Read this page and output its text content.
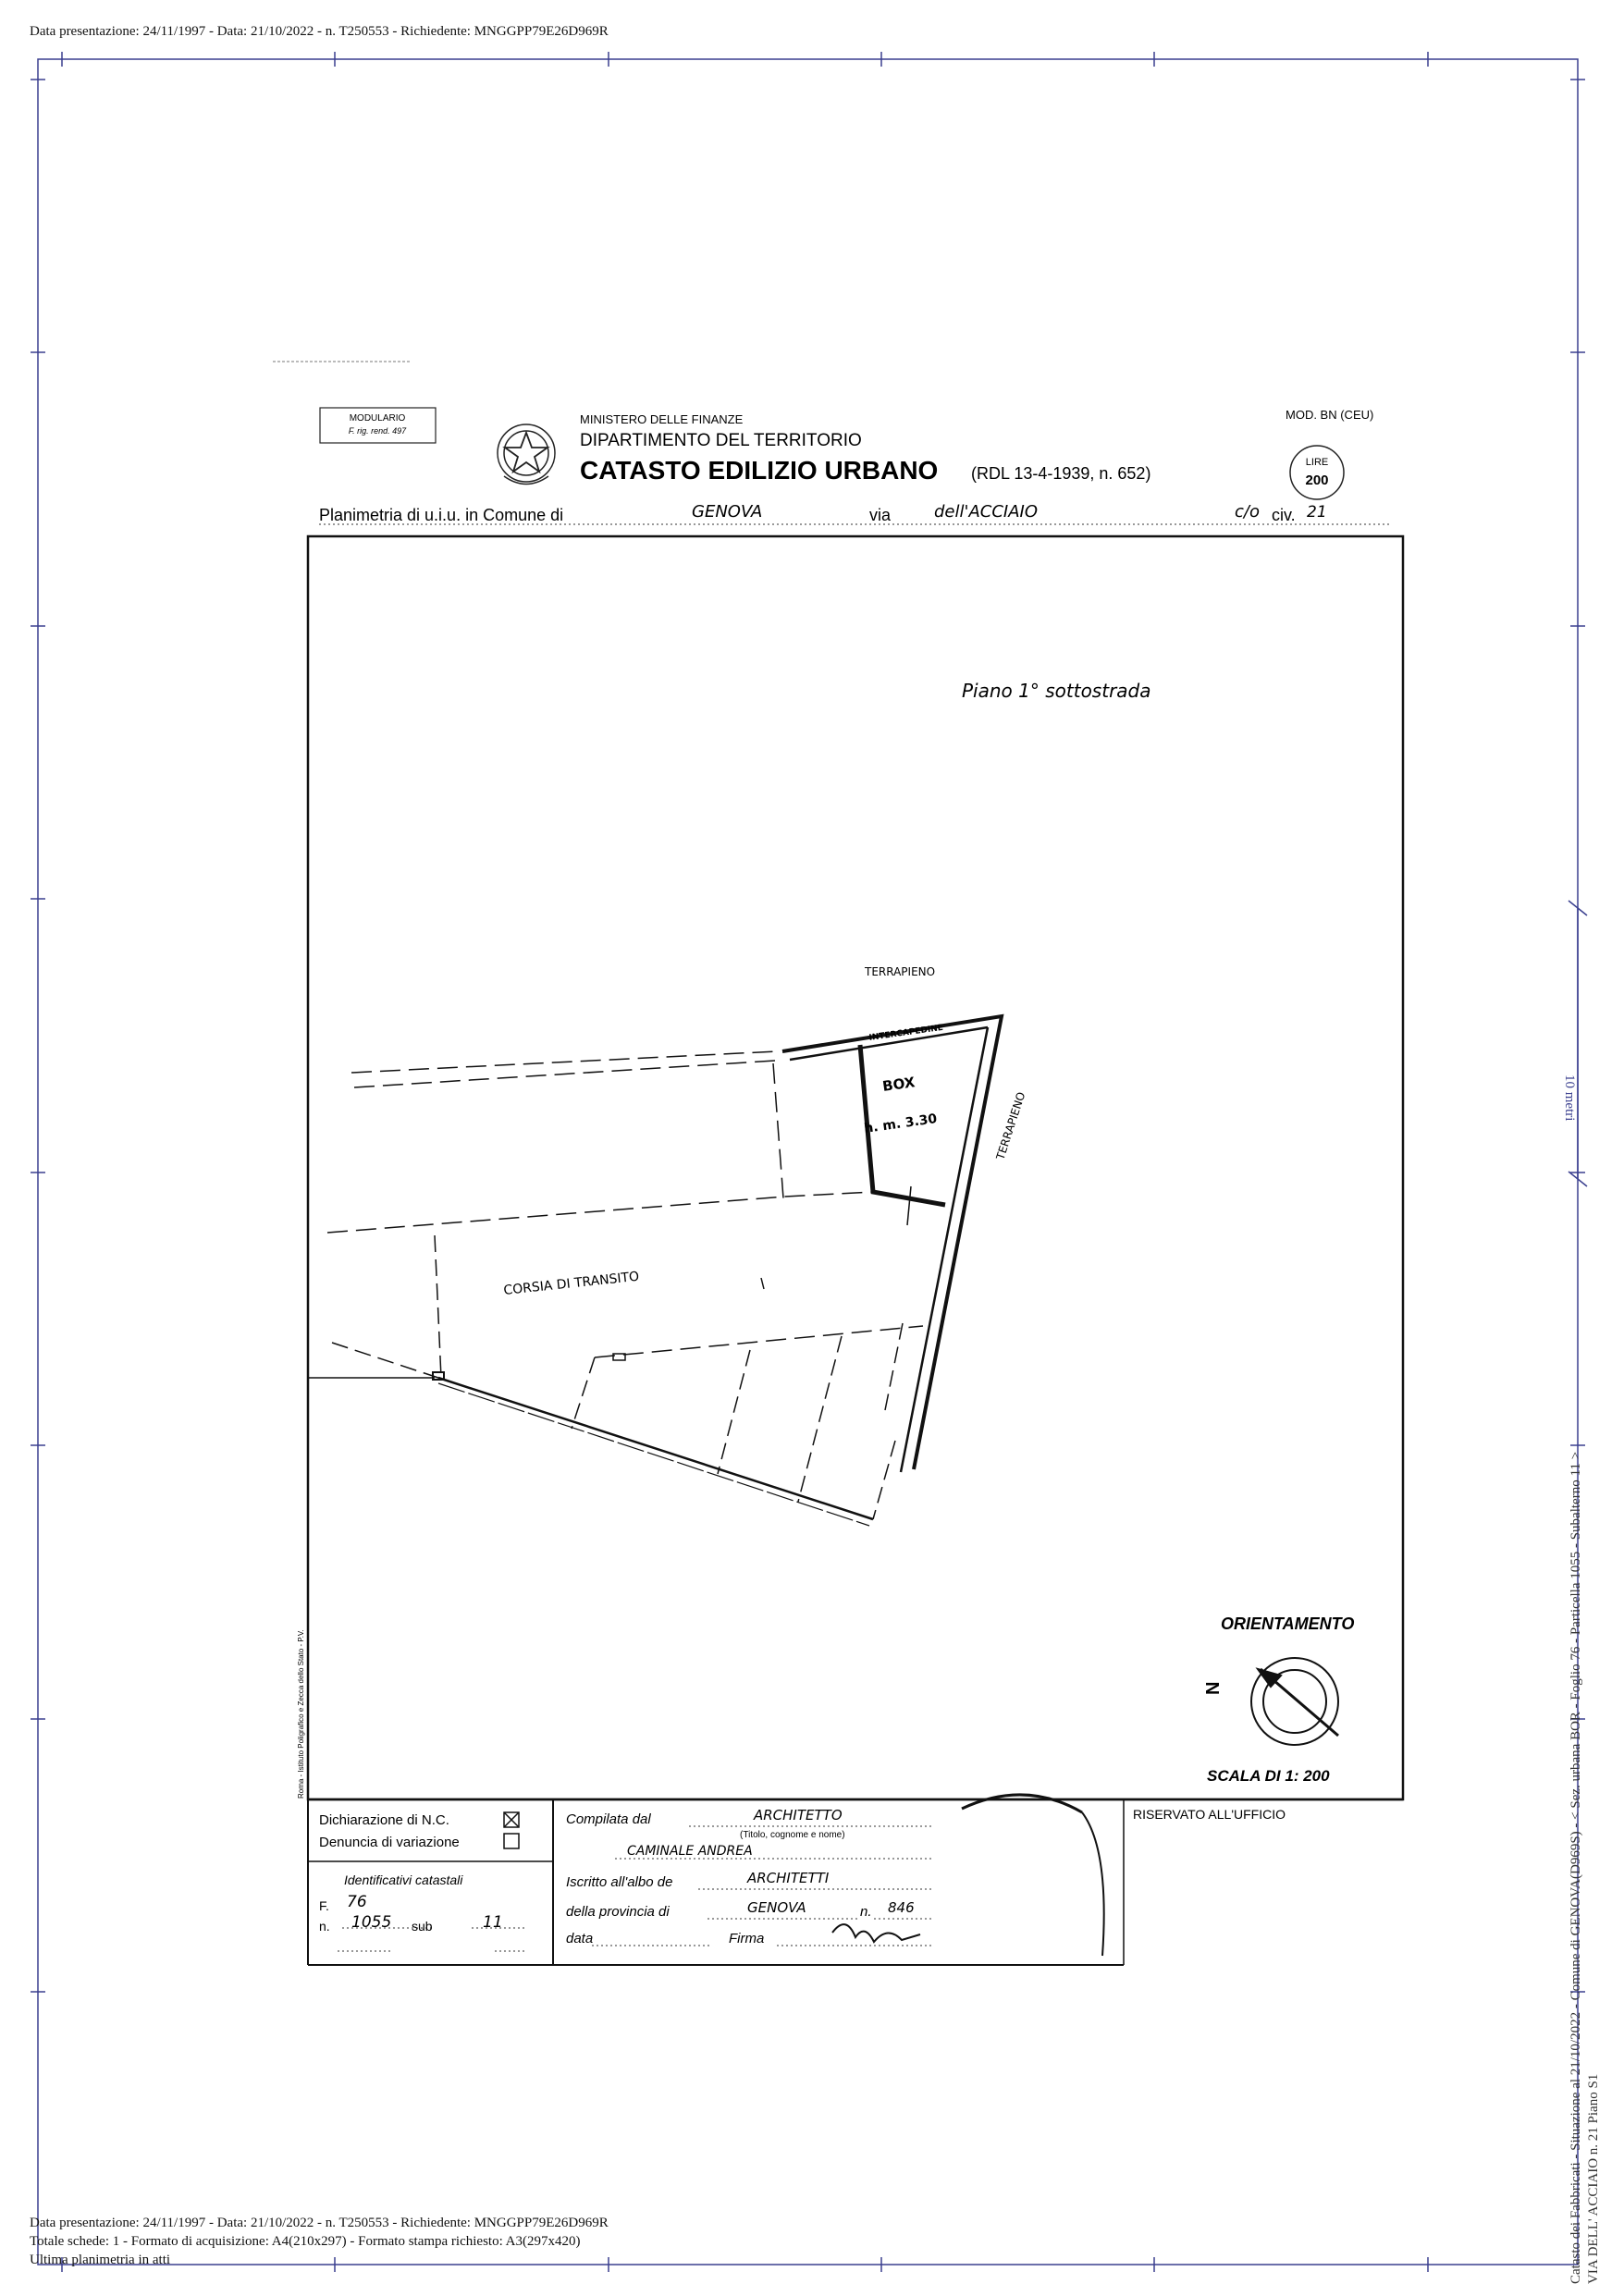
Data presentazione: 24/11/1997 - Data: 21/10/2022 - n. T250553 - Richiedente: MNGGPP79E26D969R
MODULARIO
F. rig. rend. 497
MINISTERO DELLE FINANZE
DIPARTIMENTO DEL TERRITORIO
CATASTO EDILIZIO URBANO (RDL 13-4-1939, n. 652)
MOD. BN (CEU)
LIRE
200
Planimetria di u.i.u. in Comune di	GENOVA	via	dell'ACCIAIO	c/o civ. 21
Piano 1° sottostrada
TERRAPIENO
INTERCAPEDINE
TERRAPIENO
BOX
h. m. 3.30
CORSIA DI TRANSITO
ORIENTAMENTO
N
SCALA DI 1: 200
Roma - Istituto Poligrafico e Zecca dello Stato - P.V.
Dichiarazione di N.C.
Denuncia di variazione
Identificativi catastali
F. 76
n. 1055 sub	11
Compilata dal	ARCHITETTO
(Titolo, cognome e nome)
CAMINALE ANDREA
Iscritto all'albo de	ARCHITETTI
della provincia di	GENOVA	n. 846
data	Firma
RISERVATO ALL'UFFICIO
10 metri
Catasto dei Fabbricati - Situazione al 21/10/2022 - Comune di GENOVA(D969S) - < Sez. urbana BOR - Foglio 76 - Particella 1055 - Subalterno 11 > VIA DELL' ACCIAIO n. 21 Piano S1
Data presentazione: 24/11/1997 - Data: 21/10/2022 - n. T250553 - Richiedente: MNGGPP79E26D969R
Totale schede: 1 - Formato di acquisizione: A4(210x297) - Formato stampa richiesto: A3(297x420)
Ultima planimetria in atti
